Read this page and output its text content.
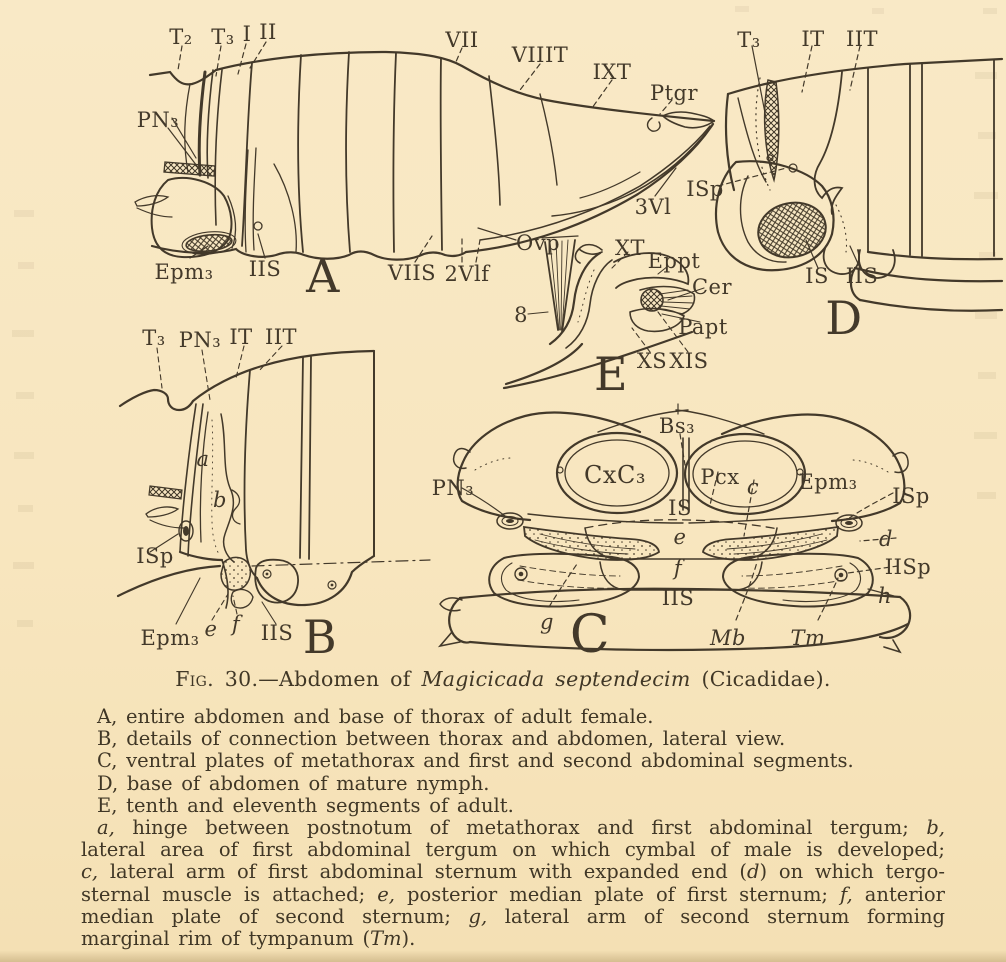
T₂ T₃ I II	VII
VIIIT
IXT
Ptgr
PN₃
3Vl
Ovp
Epm₃ IIS A VIIS 2Vlf
T₃ IT IIT
ISp
IS IIS
D
XT
Eppt
Cer
Papt
8
XS XIS
E
T₃ PN₃ IT IIT
a
b
ISp
Epm₃ e f IIS B
Bs₃
CxC₃	Pcx c Epm₃
PN₃	ISp
IS
e	d
f	IISp
IIS	h
g C	Mb Tm
Fig. 30.—Abdomen of Magicicada septendecim (Cicadidae).
A, entire abdomen and base of thorax of adult female.
B, details of connection between thorax and abdomen, lateral view.
C, ventral plates of metathorax and first and second abdominal segments.
D, base of abdomen of mature nymph.
E, tenth and eleventh segments of adult.
a, hinge between postnotum of metathorax and first abdominal tergum; b,
lateral area of first abdominal tergum on which cymbal of male is developed;
c, lateral arm of first abdominal sternum with expanded end (d) on which tergo-
sternal muscle is attached; e, posterior median plate of first sternum; f, anterior
median plate of second sternum; g, lateral arm of second sternum forming
marginal rim of tympanum (Tm).
